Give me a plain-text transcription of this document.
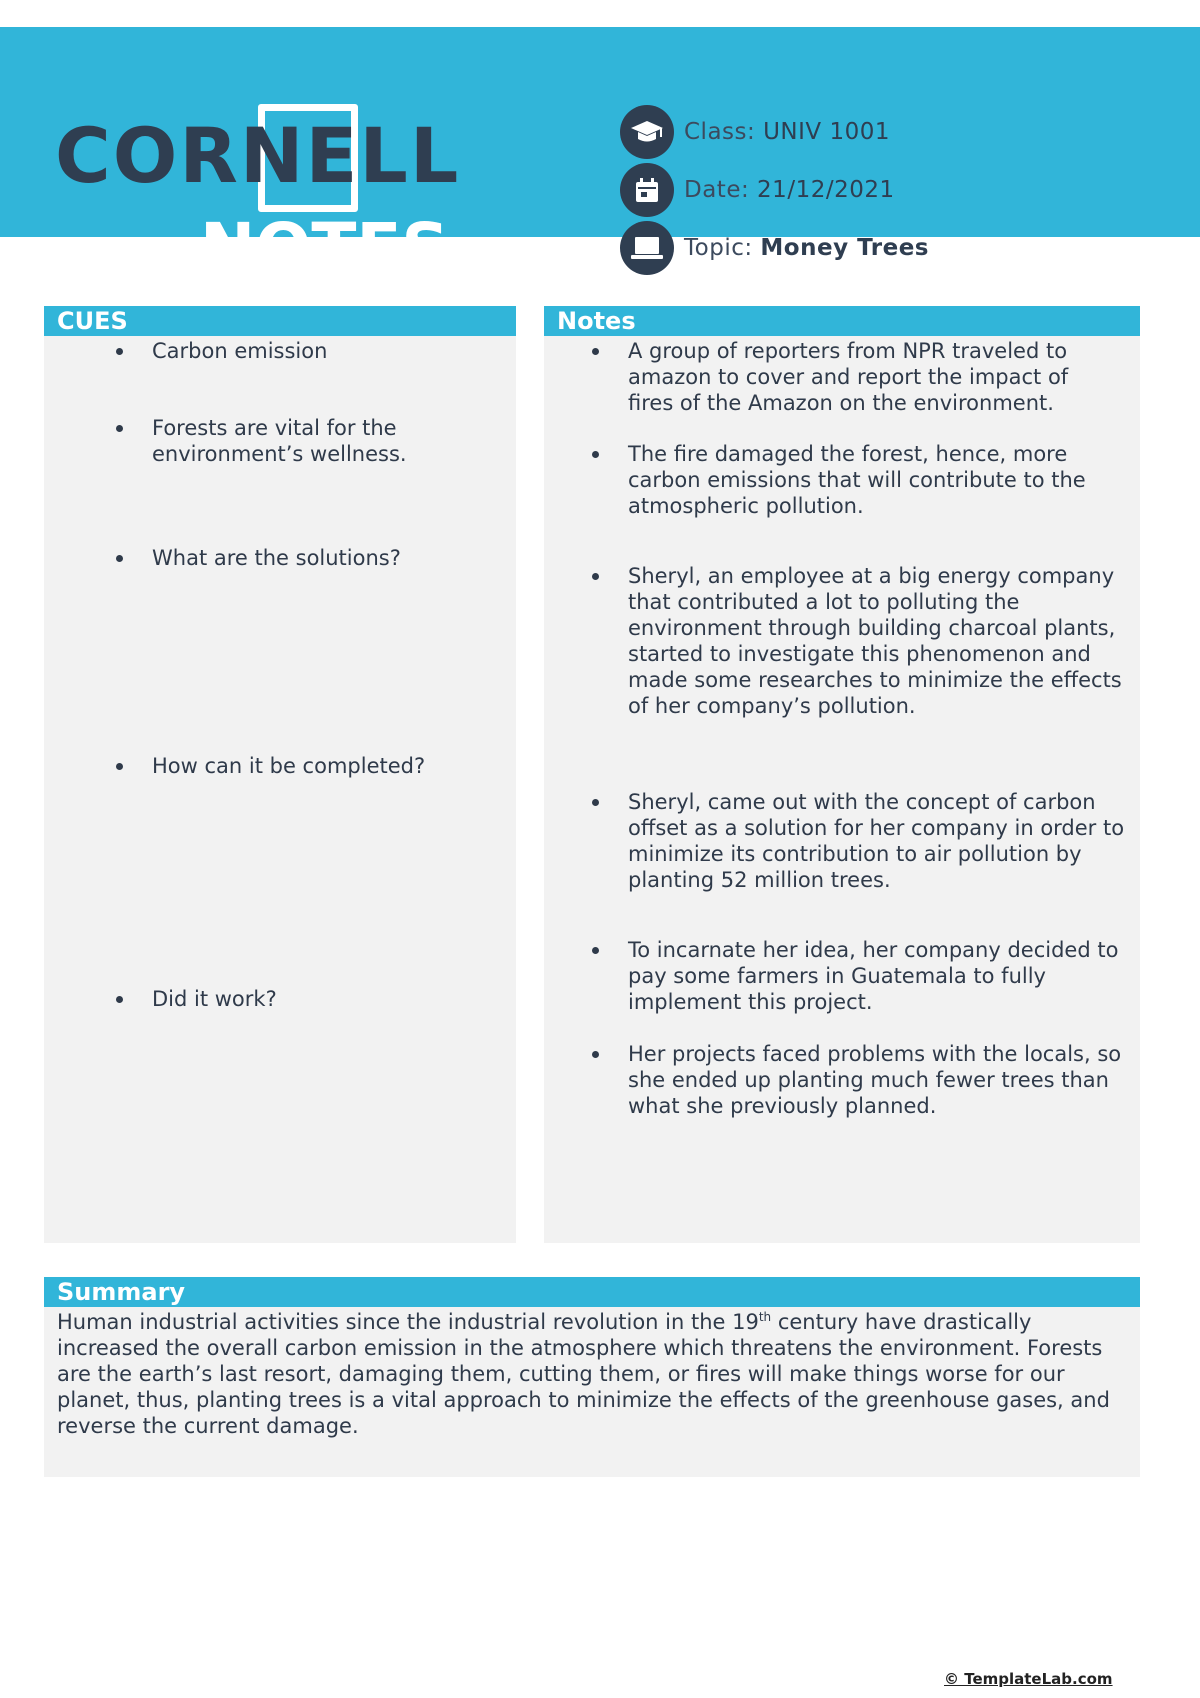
CORNELL
NOTES
Class: UNIV 1001
Date: 21/12/2021
Topic: Money Trees
CUES
Carbon emission
Forests are vital for the environment’s wellness.
What are the solutions?
How can it be completed?
Did it work?
Notes
A group of reporters from NPR traveled to amazon to cover and report the impact of fires of the Amazon on the environment.
The fire damaged the forest, hence, more carbon emissions that will contribute to the atmospheric pollution.
Sheryl, an employee at a big energy company that contributed a lot to polluting the environment through building charcoal plants, started to investigate this phenomenon and made some researches to minimize the effects of her company’s pollution.
Sheryl, came out with the concept of carbon offset as a solution for her company in order to minimize its contribution to air pollution by planting 52 million trees.
To incarnate her idea, her company decided to pay some farmers in Guatemala to fully implement this project.
Her projects faced problems with the locals, so she ended up planting much fewer trees than what she previously planned.
Summary
Human industrial activities since the industrial revolution in the 19th century have drastically increased the overall carbon emission in the atmosphere which threatens the environment. Forests are the earth’s last resort, damaging them, cutting them, or fires will make things worse for our planet, thus, planting trees is a vital approach to minimize the effects of the greenhouse gases, and reverse the current damage.
© TemplateLab.com
